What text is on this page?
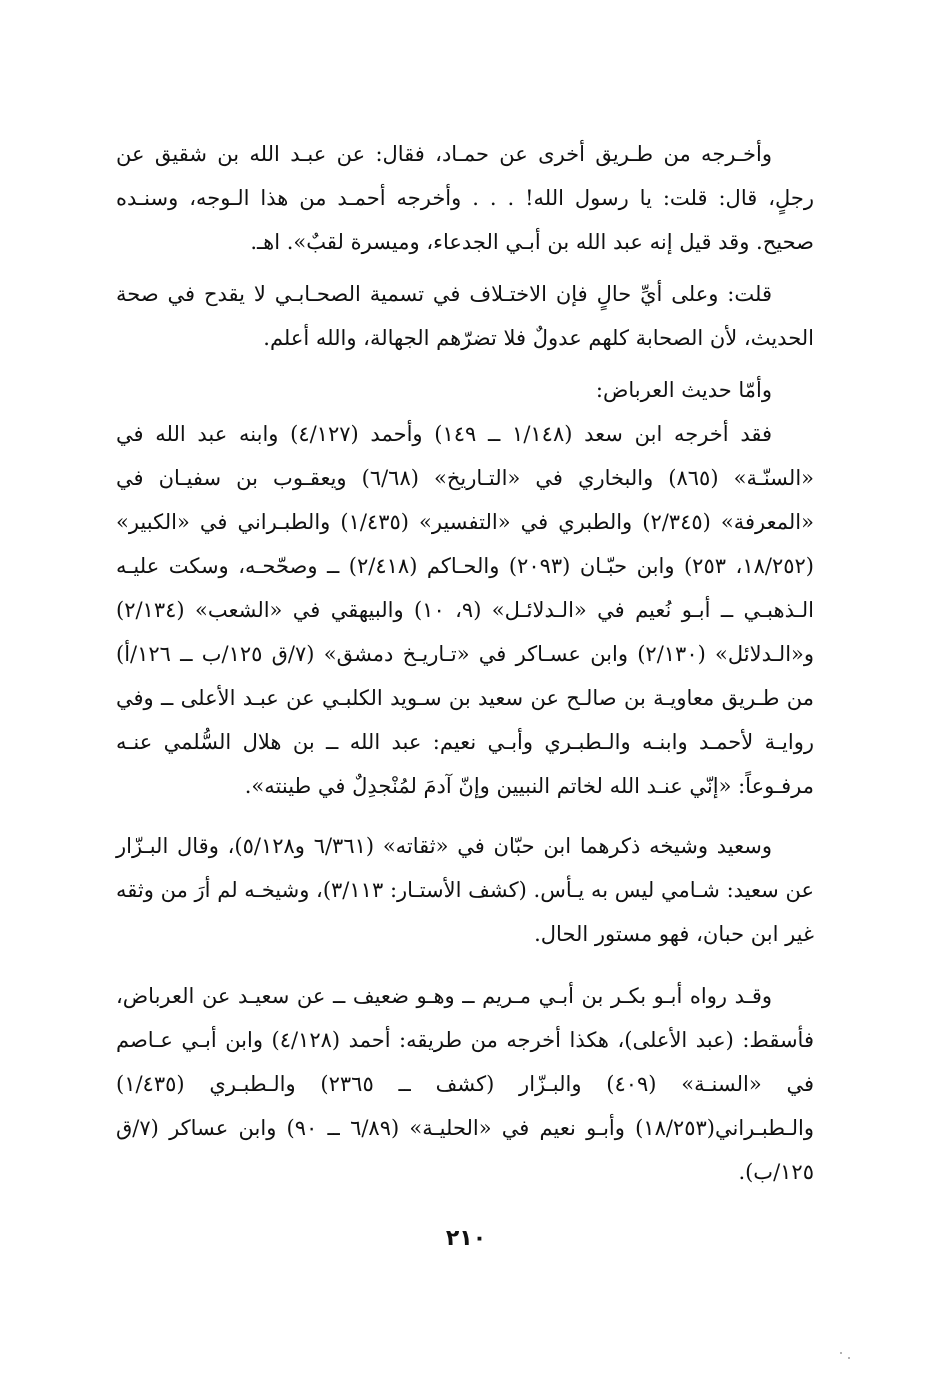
وأخـرجه من طـريق أخرى عن حمـاد، فقال: عن عبـد الله بن شقيق عن رجلٍ، قال: قلت: يا رسول الله! . . . وأخرجه أحمـد من هذا الـوجه، وسنـده صحيح. وقد قيل إنه عبد الله بن أبـي الجدعاء، وميسرة لقبٌ». اهـ.

قلت: وعلى أيِّ حالٍ فإن الاختـلاف في تسمية الصحـابـي لا يقدح في صحة الحديث، لأن الصحابة كلهم عدولٌ فلا تضرّهم الجهالة، والله أعلم.

وأمّا حديث العرباض:

فقد أخرجه ابن سعد (١/١٤٨ ــ ١٤٩) وأحمد (٤/١٢٧) وابنه عبد الله في «السنّـة» (٨٦٥) والبخاري في «التـاريخ» (٦/٦٨) ويعقـوب بن سفيـان في «المعرفة» (٢/٣٤٥) والطبري في «التفسير» (١/٤٣٥) والطبـراني في «الكبير» (١٨/٢٥٢، ٢٥٣) وابن حبّـان (٢٠٩٣) والحـاكم (٢/٤١٨) ــ وصحّحـه، وسكت عليـه الـذهبـي ــ أبـو نُعيم في «الـدلائـل» (٩، ١٠) والبيهقي في «الشعب» (٢/١٣٤) و«الـدلائل» (٢/١٣٠) وابن عسـاكر في «تـاريـخ دمشق» (٧/ق ١٢٥/ب ــ ١٢٦/أ) من طـريق معاويـة بن صالـح عن سعيد بن سـويد الكلبـي عن عبـد الأعلى ــ وفي روايـة لأحمـد وابنـه والـطبـري وأبـي نعيم: عبد الله ــ بن هلال السُّلمي عنـه مرفـوعاً: «إنّي عنـد الله لخاتم النبيين وإنّ آدمَ لمُنْجدِلٌ في طينته».

وسعيد وشيخه ذكرهما ابن حبّان في «ثقاته» (٦/٣٦١ و٥/١٢٨)، وقال البـزّار عن سعيد: شـامي ليس به يـأس. (كشف الأستـار: ٣/١١٣)، وشيخـه لم أرَ من وثقه غير ابن حبان، فهو مستور الحال.

وقـد رواه أبـو بكـر بن أبـي مـريم ــ وهـو ضعيف ــ عن سعيـد عن العرباض، فأسقط: (عبد الأعلى)، هكذا أخرجه من طريقه: أحمد (٤/١٢٨) وابن أبـي عـاصم في «السنـة» (٤٠٩) والبـزّار (كشف ــ ٢٣٦٥) والـطبـري (١/٤٣٥) والـطبـراني(١٨/٢٥٣) وأبـو نعيم في «الحليـة» (٦/٨٩ ــ ٩٠) وابن عساكر (٧/ق ١٢٥/ب).

٢١٠
